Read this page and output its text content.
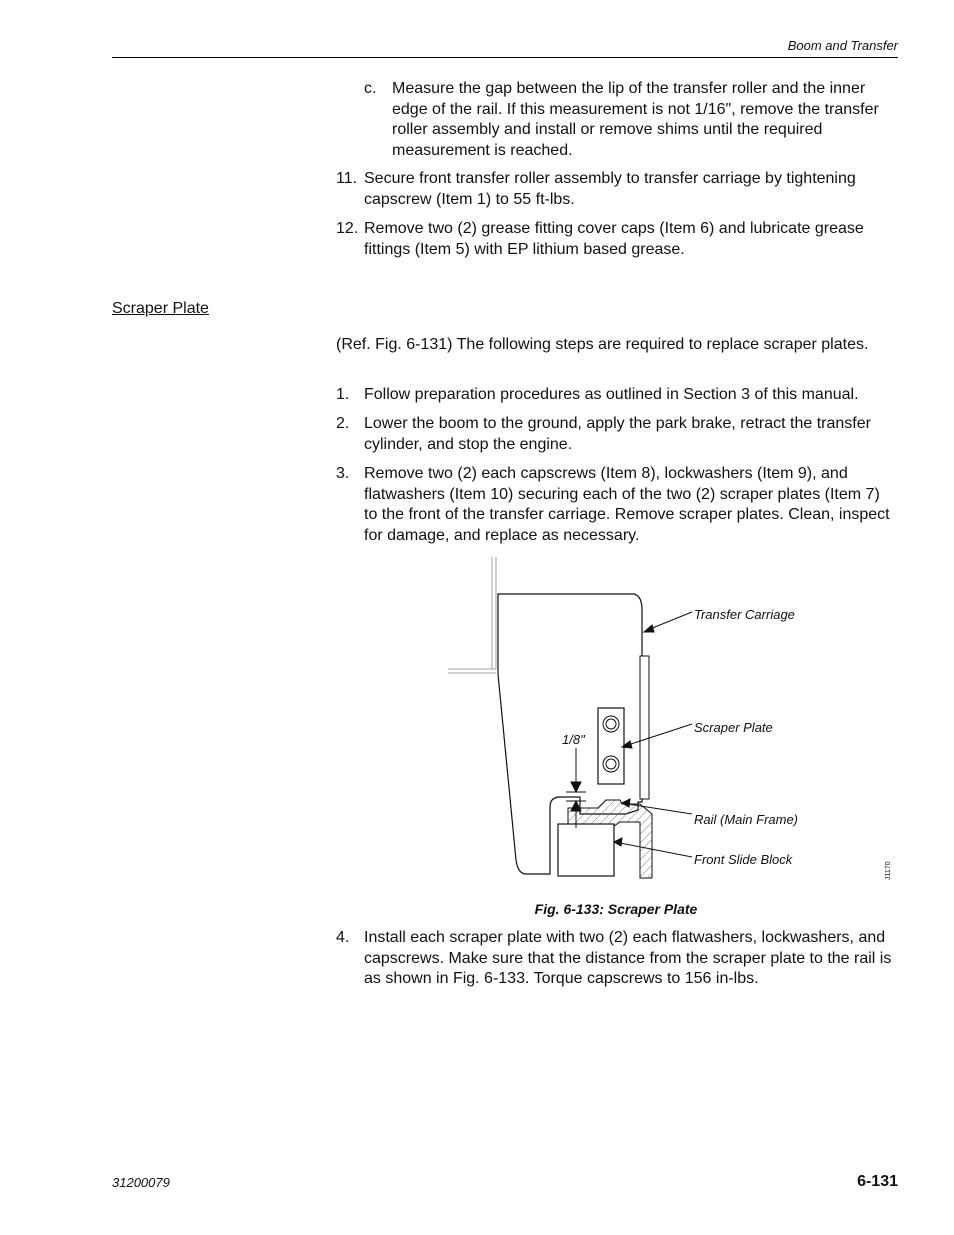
Boom and Transfer
c. Measure the gap between the lip of the transfer roller and the inner edge of the rail. If this measurement is not 1/16", remove the transfer roller assembly and install or remove shims until the required measurement is reached.
11. Secure front transfer roller assembly to transfer carriage by tightening capscrew (Item 1) to 55 ft-lbs.
12. Remove two (2) grease fitting cover caps (Item 6) and lubricate grease fittings (Item 5) with EP lithium based grease.
Scraper Plate
(Ref. Fig. 6-131) The following steps are required to replace scraper plates.
1. Follow preparation procedures as outlined in Section 3 of this manual.
2. Lower the boom to the ground, apply the park brake, retract the transfer cylinder, and stop the engine.
3. Remove two (2) each capscrews (Item 8), lockwashers (Item 9), and flatwashers (Item 10) securing each of the two (2) scraper plates (Item 7) to the front of the transfer carriage. Remove scraper plates. Clean, inspect for damage, and replace as necessary.
1/8"
Transfer Carriage
Scraper Plate
Rail (Main Frame)
Front Slide Block
J1170
Fig. 6-133: Scraper Plate
4. Install each scraper plate with two (2) each flatwashers, lockwashers, and capscrews. Make sure that the distance from the scraper plate to the rail is as shown in Fig. 6-133. Torque capscrews to 156 in-lbs.
31200079	6-131
